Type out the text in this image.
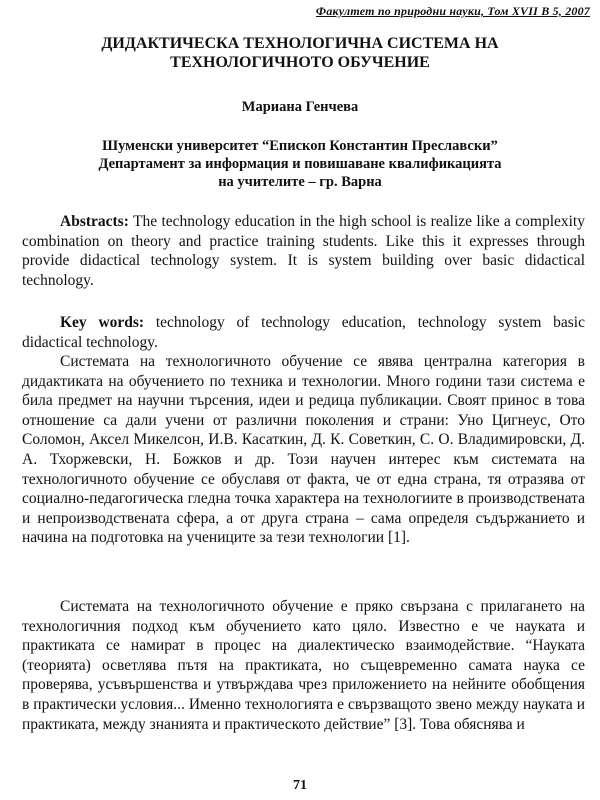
Факултет по природни науки, Том XVII В 5, 2007
ДИДАКТИЧЕСКА ТЕХНОЛОГИЧНА СИСТЕМА НА
ТЕХНОЛОГИЧНОТО ОБУЧЕНИЕ
Мариана Генчева
Шуменски университет “Епископ Константин Преславски”
Департамент за информация и повишаване квалификацията
на учителите – гр. Варна
Abstracts: The technology education in the high school is realize like a complexity combination on theory and practice training students. Like this it expresses through provide didactical technology system. It is system building over basic didactical technology.
Key words: technology of technology education, technology system basic didactical technology.
Системата на технологичното обучение се явява централна категория в дидактиката на обучението по техника и технологии. Много години тази система е била предмет на научни търсения, идеи и редица публикации. Своят принос в това отношение са дали учени от различни поколения и страни: Уно Цигнеус, Ото Соломон, Аксел Микелсон, И.В. Касаткин, Д. К. Советкин, С. О. Владимировски, Д. А. Тхоржевски, Н. Божков и др. Този научен интерес към системата на технологичното обучение се обуславя от факта, че от една страна, тя отразява от социално-педагогическа гледна точка характера на технологиите в производствената и непроизводствената сфера, а от друга страна – сама определя съдържанието и начина на подготовка на учениците за тези технологии [1].
Системата на технологичното обучение е пряко свързана с прилагането на технологичния подход към обучението като цяло. Известно е че науката и практиката се намират в процес на диалектическо взаимодействие. “Науката (теорията) осветлява пътя на практиката, но същевременно самата наука се проверява, усъвършенства и утвърждава чрез приложението на нейните обобщения в практически условия... Именно технологията е свързващото звено между науката и практиката, между знанията и практическото действие” [3]. Това обяснява и
71
